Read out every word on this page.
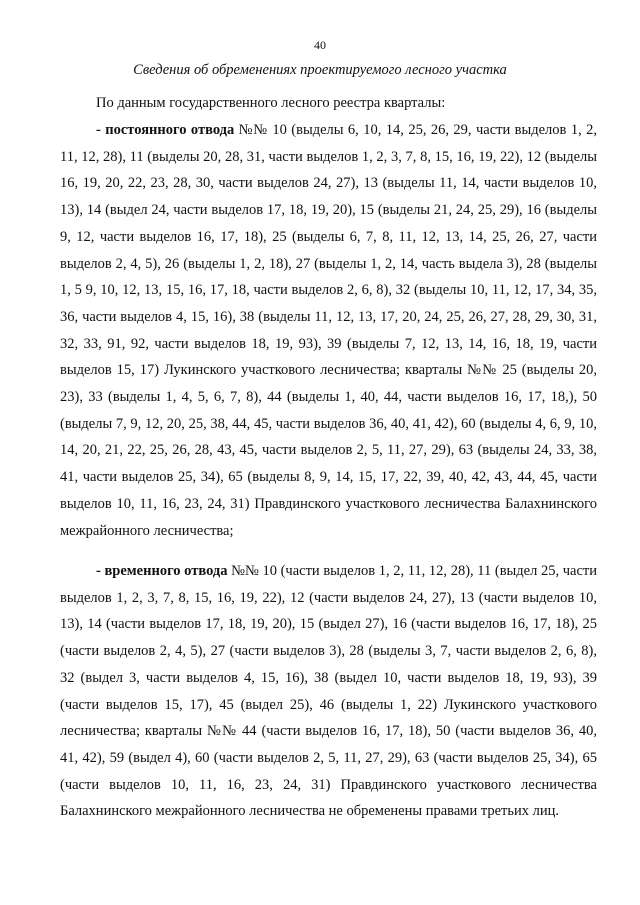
40
Сведения об обременениях проектируемого лесного участка
По данным государственного лесного реестра кварталы:

- постоянного отвода №№ 10 (выделы 6, 10, 14, 25, 26, 29, части выделов 1, 2, 11, 12, 28), 11 (выделы 20, 28, 31, части выделов 1, 2, 3, 7, 8, 15, 16, 19, 22), 12 (выделы 16, 19, 20, 22, 23, 28, 30, части выделов 24, 27), 13 (выделы 11, 14, части выделов 10, 13), 14 (выдел 24, части выделов 17, 18, 19, 20), 15 (выделы 21, 24, 25, 29), 16 (выделы 9, 12, части выделов 16, 17, 18), 25 (выделы 6, 7, 8, 11, 12, 13, 14, 25, 26, 27, части выделов 2, 4, 5), 26 (выделы 1, 2, 18), 27 (выделы 1, 2, 14, часть выдела 3), 28 (выделы 1, 5 9, 10, 12, 13, 15, 16, 17, 18, части выделов 2, 6, 8), 32 (выделы 10, 11, 12, 17, 34, 35, 36, части выделов 4, 15, 16), 38 (выделы 11, 12, 13, 17, 20, 24, 25, 26, 27, 28, 29, 30, 31, 32, 33, 91, 92, части выделов 18, 19, 93), 39 (выделы 7, 12, 13, 14, 16, 18, 19, части выделов 15, 17) Лукинского участкового лесничества; кварталы №№ 25 (выделы 20, 23), 33 (выделы 1, 4, 5, 6, 7, 8), 44 (выделы 1, 40, 44, части выделов 16, 17, 18,), 50 (выделы 7, 9, 12, 20, 25, 38, 44, 45, части выделов 36, 40, 41, 42), 60 (выделы 4, 6, 9, 10, 14, 20, 21, 22, 25, 26, 28, 43, 45, части выделов 2, 5, 11, 27, 29), 63 (выделы 24, 33, 38, 41, части выделов 25, 34), 65 (выделы 8, 9, 14, 15, 17, 22, 39, 40, 42, 43, 44, 45, части выделов 10, 11, 16, 23, 24, 31) Правдинского участкового лесничества Балахнинского межрайонного лесничества;

- временного отвода №№ 10 (части выделов 1, 2, 11, 12, 28), 11 (выдел 25, части выделов 1, 2, 3, 7, 8, 15, 16, 19, 22), 12 (части выделов 24, 27), 13 (части выделов 10, 13), 14 (части выделов 17, 18, 19, 20), 15 (выдел 27), 16 (части выделов 16, 17, 18), 25 (части выделов 2, 4, 5), 27 (части выделов 3), 28 (выделы 3, 7, части выделов 2, 6, 8), 32 (выдел 3, части выделов 4, 15, 16), 38 (выдел 10, части выделов 18, 19, 93), 39 (части выделов 15, 17), 45 (выдел 25), 46 (выделы 1, 22) Лукинского участкового лесничества; кварталы №№ 44 (части выделов 16, 17, 18), 50 (части выделов 36, 40, 41, 42), 59 (выдел 4), 60 (части выделов 2, 5, 11, 27, 29), 63 (части выделов 25, 34), 65 (части выделов 10, 11, 16, 23, 24, 31) Правдинского участкового лесничества Балахнинского межрайонного лесничества не обременены правами третьих лиц.
